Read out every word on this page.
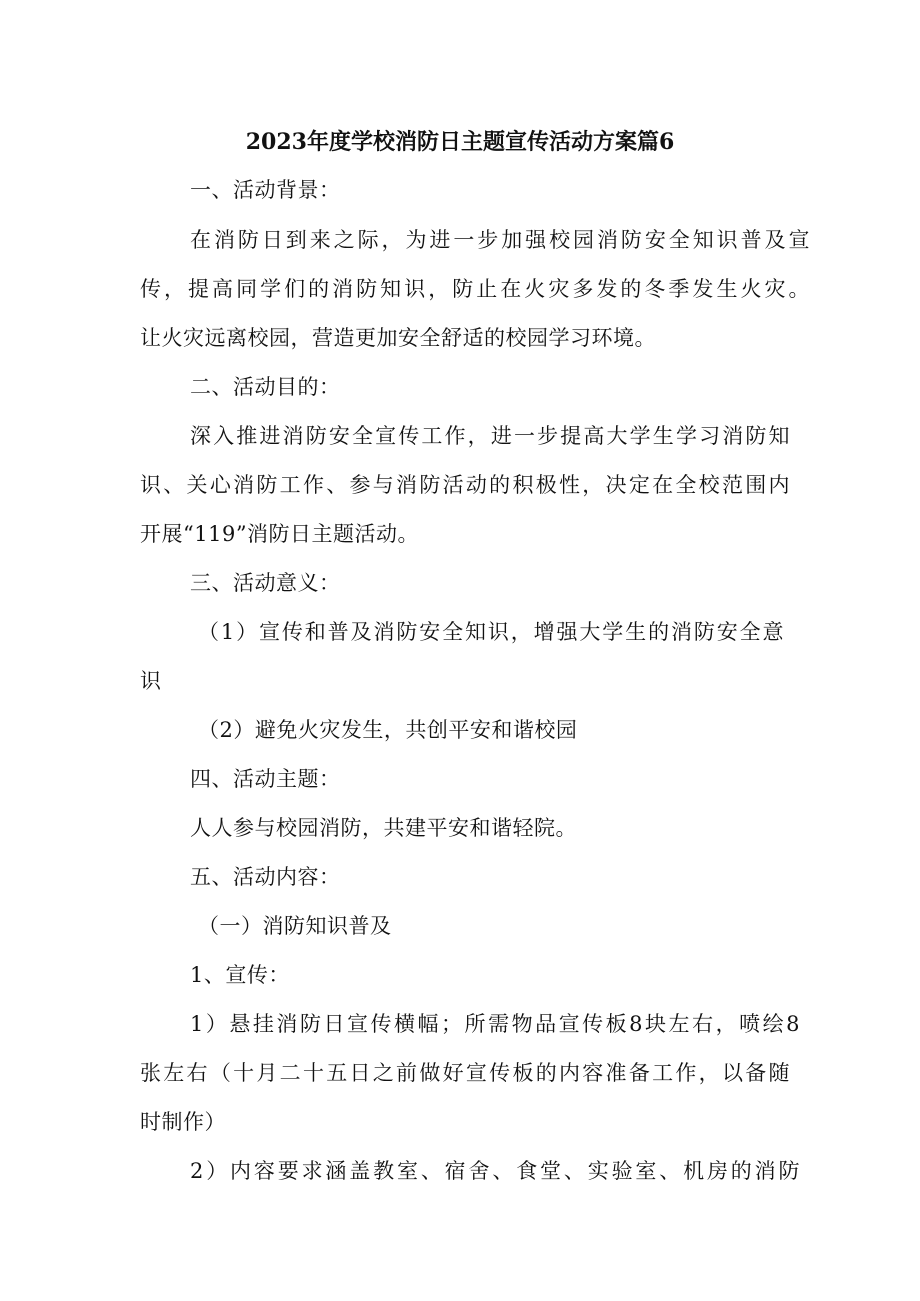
2023年度学校消防日主题宣传活动方案篇6
一、活动背景：
在消防日到来之际，为进一步加强校园消防安全知识普及宣
传，提高同学们的消防知识，防止在火灾多发的冬季发生火灾。
让火灾远离校园，营造更加安全舒适的校园学习环境。
二、活动目的：
深入推进消防安全宣传工作，进一步提高大学生学习消防知
识、关心消防工作、参与消防活动的积极性，决定在全校范围内
开展“119”消防日主题活动。
三、活动意义：
（1）宣传和普及消防安全知识，增强大学生的消防安全意
识
（2）避免火灾发生，共创平安和谐校园
四、活动主题：
人人参与校园消防，共建平安和谐轻院。
五、活动内容：
（一）消防知识普及
1、宣传：
1）悬挂消防日宣传横幅；所需物品宣传板8块左右，喷绘8
张左右（十月二十五日之前做好宣传板的内容准备工作，以备随
时制作）
2）内容要求涵盖教室、宿舍、食堂、实验室、机房的消防
